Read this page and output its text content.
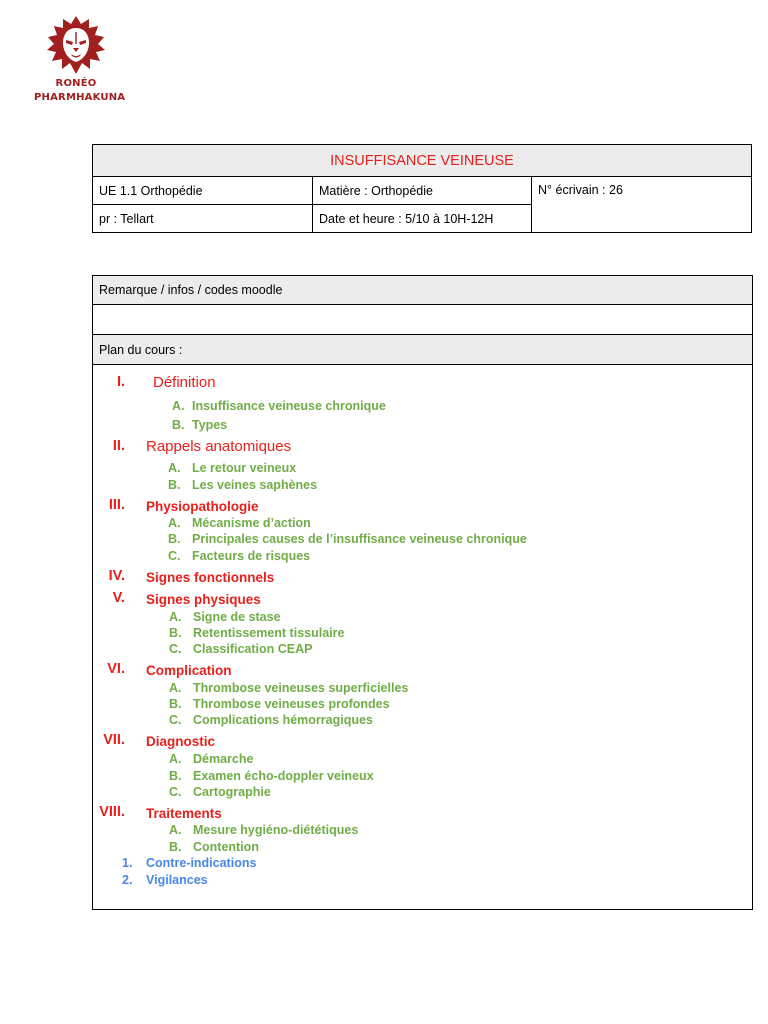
RONÉO
PHARMHAKUNA
INSUFFISANCE VEINEUSE		
UE 1.1 Orthopédie	Matière : Orthopédie	N° écrivain : 26
pr : Tellart	Date et heure : 5/10 à 10H-12H	
Remarque / infos / codes moodle
Plan du cours :
I. Définition
A. Insuffisance veineuse chronique
B. Types
II. Rappels anatomiques
A. Le retour veineux
B. Les veines saphènes
III. Physiopathologie
A. Mécanisme d’action
B. Principales causes de l’insuffisance veineuse chronique
C. Facteurs de risques
IV. Signes fonctionnels
V. Signes physiques
A. Signe de stase
B. Retentissement tissulaire
C. Classification CEAP
VI. Complication
A. Thrombose veineuses superficielles
B. Thrombose veineuses profondes
C. Complications hémorragiques
VII. Diagnostic
A. Démarche
B. Examen écho-doppler veineux
C. Cartographie
VIII. Traitements
A. Mesure hygiéno-diététiques
B. Contention
1. Contre-indications
2. Vigilances
